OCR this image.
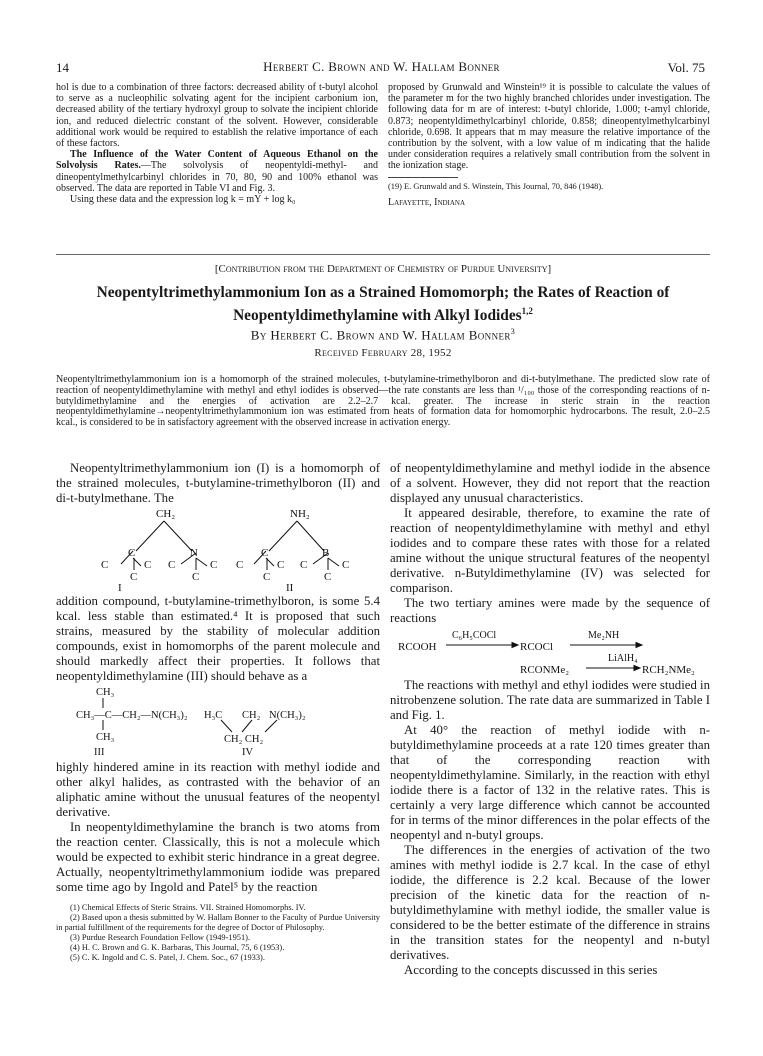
14	Herbert C. Brown and W. Hallam Bonner	Vol. 75

hol is due to a combination of three factors: decreased ability of t-butyl alcohol to serve as a nucleophilic solvating agent for the incipient carbonium ion, decreased ability of the tertiary hydroxyl group to solvate the incipient chloride ion, and reduced dielectric constant of the solvent. However, considerable additional work would be required to establish the relative importance of each of these factors.

The Influence of the Water Content of Aqueous Ethanol on the Solvolysis Rates.—The solvolysis of neopentyldi-methyl- and dineopentylmethylcarbinyl chlorides in 70, 80, 90 and 100% ethanol was observed. The data are reported in Table VI and Fig. 3.

Using these data and the expression log k = mY + log k₀

proposed by Grunwald and Winstein¹⁹ it is possible to calculate the values of the parameter m for the two highly branched chlorides under investigation. The following data for m are of interest: t-butyl chloride, 1.000; t-amyl chloride, 0.873; neopentyldimethylcarbinyl chloride, 0.858; dineopentylmethylcarbinyl chloride, 0.698. It appears that m may measure the relative importance of the contribution by the solvent, with a low value of m indicating that the halide under consideration requires a relatively small contribution from the solvent in the ionization stage.

(19) E. Grunwald and S. Winstein, This Journal, 70, 846 (1948).

Lafayette, Indiana

[Contribution from the Department of Chemistry of Purdue University]
Neopentyltrimethylammonium Ion as a Strained Homomorph; the Rates of Reaction of
Neopentyldimethylamine with Alkyl Iodides$^{1,2}$
By Herbert C. Brown and W. Hallam Bonner$^3$
Received February 28, 1952

Neopentyltrimethylammonium ion is a homomorph of the strained molecules, t-butylamine-trimethylboron and di-t-butylmethane. The predicted slow rate of reaction of neopentyldimethylamine with methyl and ethyl iodides is observed—the rate constants are less than ¹/₁₀₀ those of the corresponding reactions of n-butyldimethylamine and the energies of activation are 2.2–2.7 kcal. greater. The increase in steric strain in the reaction neopentyldimethylamine→neopentyltrimethylammonium ion was estimated from heats of formation data for homomorphic hydrocarbons. The result, 2.0–2.5 kcal., is considered to be in satisfactory agreement with the observed increase in activation energy.

Neopentyltrimethylammonium ion (I) is a homomorph of the strained molecules, t-butylamine-trimethylboron (II) and di-t-butylmethane. The

CH₂	NH₂
C	N
C	C C	C
C	C
C	B
C	C C	C
C	C
I	II

addition compound, t-butylamine-trimethylboron, is some 5.4 kcal. less stable than estimated.⁴ It is proposed that such strains, measured by the stability of molecular addition compounds, exist in homomorphs of the parent molecule and should markedly affect their properties. It follows that neopentyldimethylamine (III) should behave as a

CH₃
CH₃—C—CH₂—N(CH₃)₂
CH₃
H₃C CH₂ N(CH₃)₂
CH₂ CH₂
III	IV

highly hindered amine in its reaction with methyl iodide and other alkyl halides, as contrasted with the behavior of an aliphatic amine without the unusual features of the neopentyl derivative.

In neopentyldimethylamine the branch is two atoms from the reaction center. Classically, this is not a molecule which would be expected to exhibit steric hindrance in a great degree. Actually, neopentyltrimethylammonium iodide was prepared some time ago by Ingold and Patel⁵ by the reaction

(1) Chemical Effects of Steric Strains. VII. Strained Homomorphs. IV.

(2) Based upon a thesis submitted by W. Hallam Bonner to the Faculty of Purdue University in partial fulfillment of the requirements for the degree of Doctor of Philosophy.

(3) Purdue Research Foundation Fellow (1949-1951).

(4) H. C. Brown and G. K. Barbaras, This Journal, 75, 6 (1953).

(5) C. K. Ingold and C. S. Patel, J. Chem. Soc., 67 (1933).

of neopentyldimethylamine and methyl iodide in the absence of a solvent. However, they did not report that the reaction displayed any unusual characteristics.

It appeared desirable, therefore, to examine the rate of reaction of neopentyldimethylamine with methyl and ethyl iodides and to compare these rates with those for a related amine without the unique structural features of the neopentyl derivative. n-Butyldimethylamine (IV) was selected for comparison.

The two tertiary amines were made by the sequence of reactions

C₆H₅COCl	Me₂NH
RCOOH	RCOCl
LiAlH₄
RCONMe₂	RCH₂NMe₂

The reactions with methyl and ethyl iodides were studied in nitrobenzene solution. The rate data are summarized in Table I and Fig. 1.

At 40° the reaction of methyl iodide with n-butyldimethylamine proceeds at a rate 120 times greater than that of the corresponding reaction with neopentyldimethylamine. Similarly, in the reaction with ethyl iodide there is a factor of 132 in the relative rates. This is certainly a very large difference which cannot be accounted for in terms of the minor differences in the polar effects of the neopentyl and n-butyl groups.

The differences in the energies of activation of the two amines with methyl iodide is 2.7 kcal. In the case of ethyl iodide, the difference is 2.2 kcal. Because of the lower precision of the kinetic data for the reaction of n-butyldimethylamine with methyl iodide, the smaller value is considered to be the better estimate of the difference in strains in the transition states for the neopentyl and n-butyl derivatives.

According to the concepts discussed in this series
